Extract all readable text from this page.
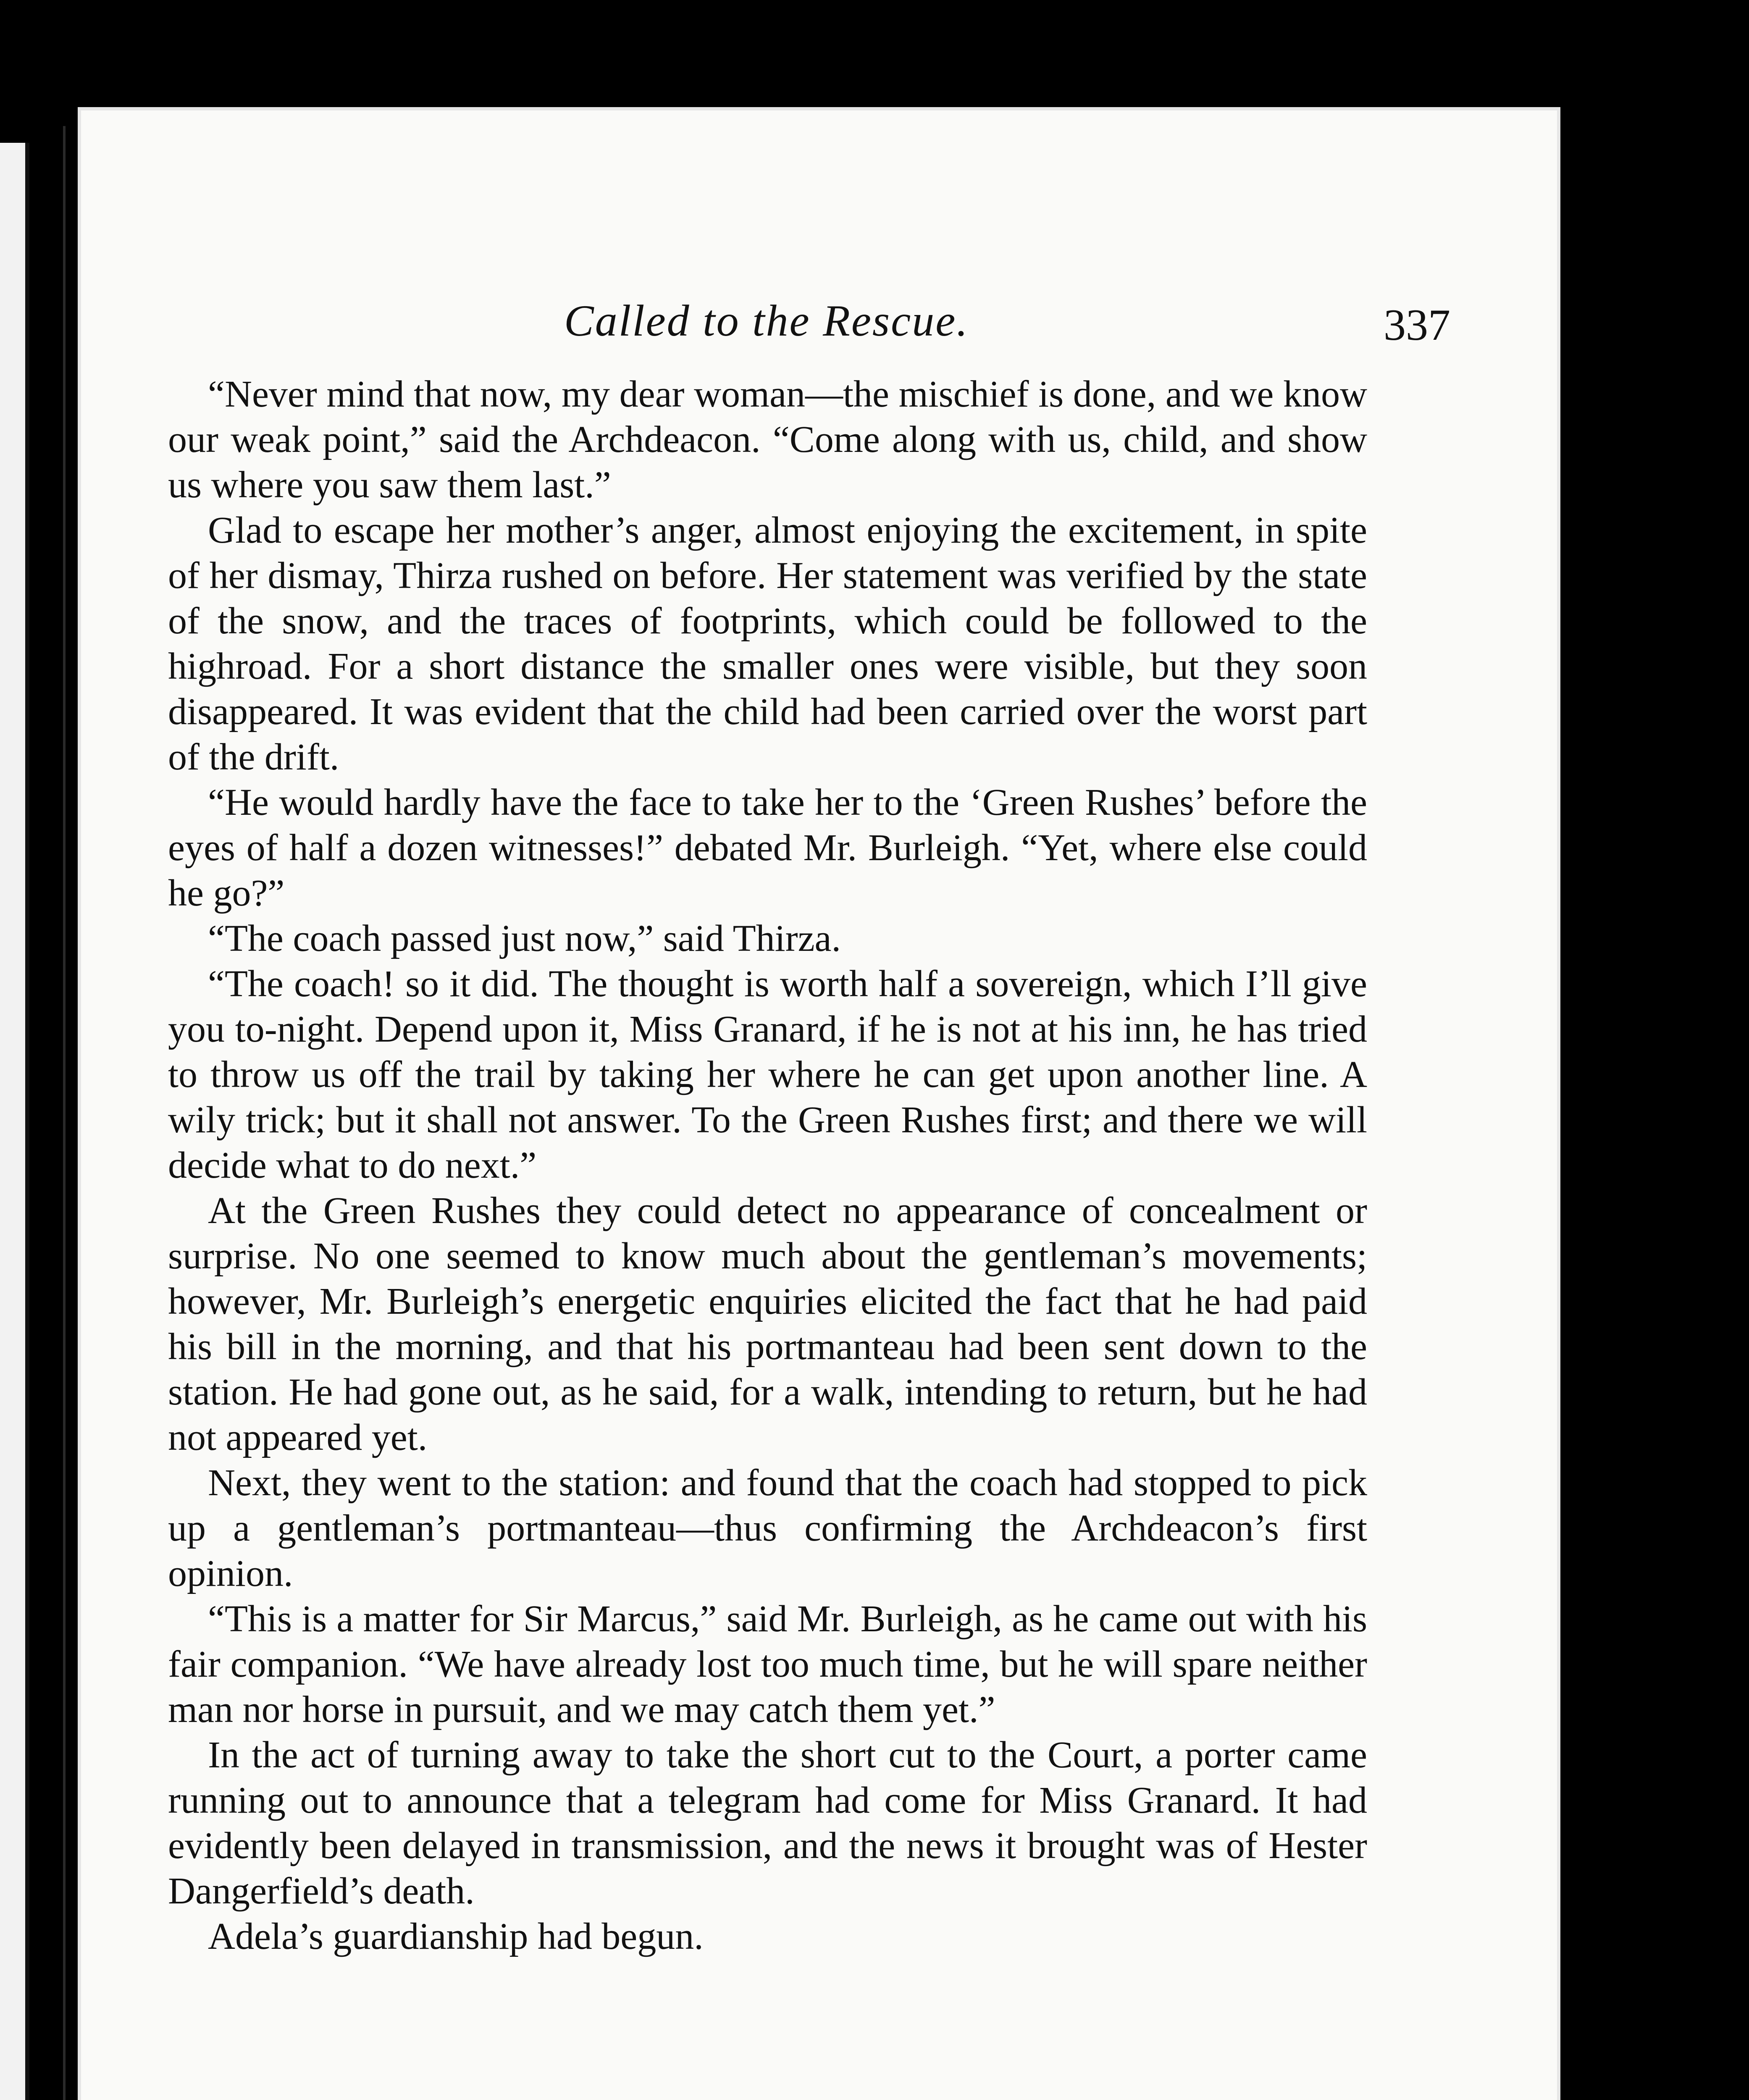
Called to the Rescue.	337

“Never mind that now, my dear woman—the mischief is done, and we know our weak point,” said the Archdeacon. “Come along with us, child, and show us where you saw them last.”

Glad to escape her mother’s anger, almost enjoying the excitement, in spite of her dismay, Thirza rushed on before. Her statement was verified by the state of the snow, and the traces of footprints, which could be followed to the highroad. For a short distance the smaller ones were visible, but they soon disappeared. It was evident that the child had been carried over the worst part of the drift.

“He would hardly have the face to take her to the ‘Green Rushes’ before the eyes of half a dozen witnesses!” debated Mr. Burleigh. “Yet, where else could he go?”

“The coach passed just now,” said Thirza.

“The coach! so it did. The thought is worth half a sovereign, which I’ll give you to-night. Depend upon it, Miss Granard, if he is not at his inn, he has tried to throw us off the trail by taking her where he can get upon another line. A wily trick; but it shall not answer. To the Green Rushes first; and there we will decide what to do next.”

At the Green Rushes they could detect no appearance of concealment or surprise. No one seemed to know much about the gentleman’s movements; however, Mr. Burleigh’s energetic enquiries elicited the fact that he had paid his bill in the morning, and that his portmanteau had been sent down to the station. He had gone out, as he said, for a walk, intending to return, but he had not appeared yet.

Next, they went to the station: and found that the coach had stopped to pick up a gentleman’s portmanteau—thus confirming the Archdeacon’s first opinion.

“This is a matter for Sir Marcus,” said Mr. Burleigh, as he came out with his fair companion. “We have already lost too much time, but he will spare neither man nor horse in pursuit, and we may catch them yet.”

In the act of turning away to take the short cut to the Court, a porter came running out to announce that a telegram had come for Miss Granard. It had evidently been delayed in transmission, and the news it brought was of Hester Dangerfield’s death.

Adela’s guardianship had begun.
